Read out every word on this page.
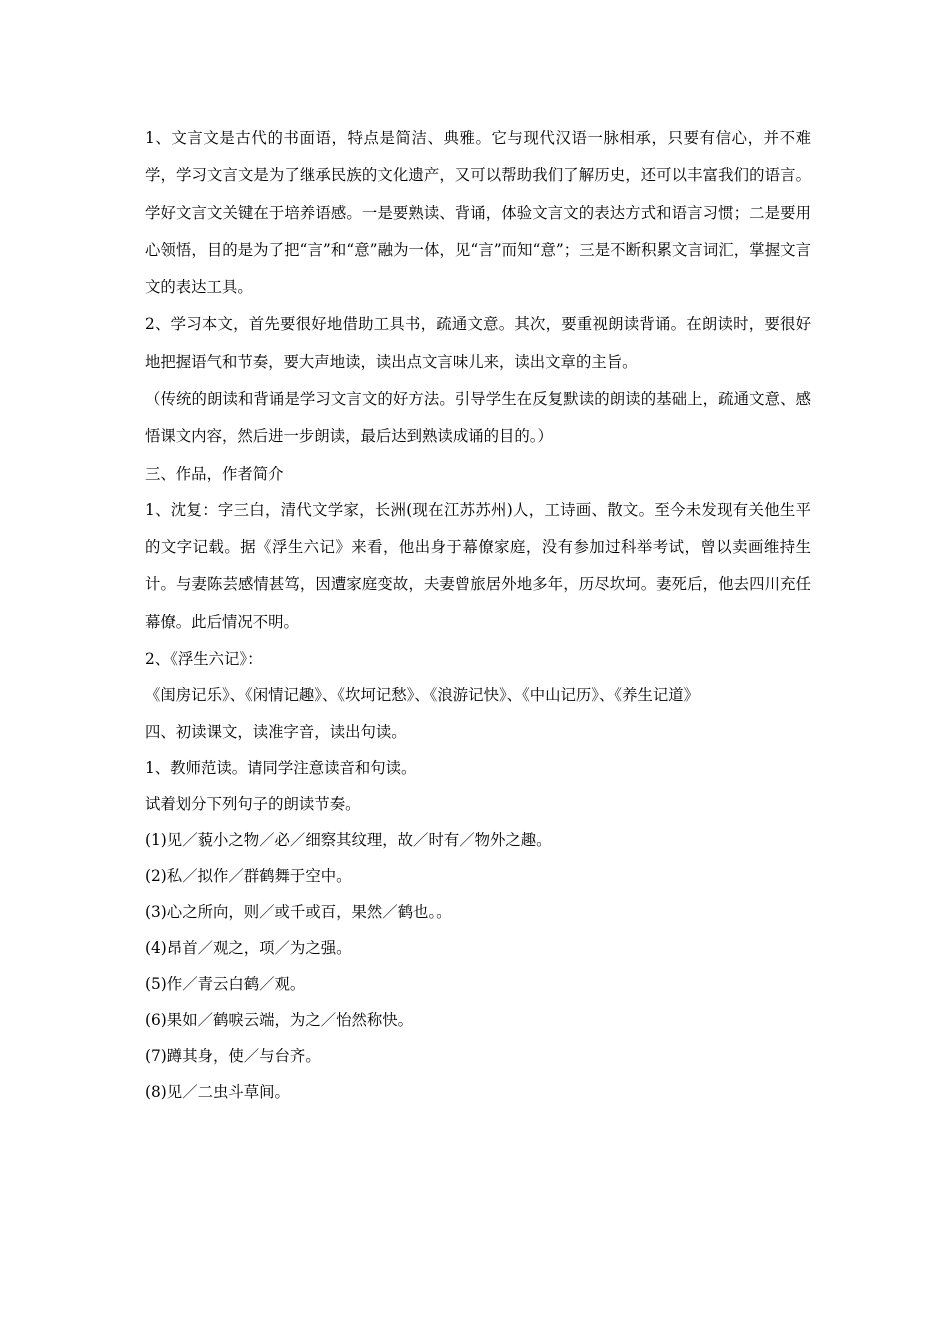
1、文言文是古代的书面语，特点是简洁、典雅。它与现代汉语一脉相承，只要有信心，并不难学，学习文言文是为了继承民族的文化遗产，又可以帮助我们了解历史，还可以丰富我们的语言。学好文言文关键在于培养语感。一是要熟读、背诵，体验文言文的表达方式和语言习惯；二是要用心领悟，目的是为了把“言”和“意”融为一体，见“言”而知“意”；三是不断积累文言词汇，掌握文言文的表达工具。

2、学习本文，首先要很好地借助工具书，疏通文意。其次，要重视朗读背诵。在朗读时，要很好地把握语气和节奏，要大声地读，读出点文言味儿来，读出文章的主旨。

（传统的朗读和背诵是学习文言文的好方法。引导学生在反复默读的朗读的基础上，疏通文意、感悟课文内容，然后进一步朗读，最后达到熟读成诵的目的。）

三、作品，作者简介

1、沈复：字三白，清代文学家，长洲(现在江苏苏州)人，工诗画、散文。至今未发现有关他生平的文字记载。据《浮生六记》来看，他出身于幕僚家庭，没有参加过科举考试，曾以卖画维持生计。与妻陈芸感情甚笃，因遭家庭变故，夫妻曾旅居外地多年，历尽坎坷。妻死后，他去四川充任幕僚。此后情况不明。

2、《浮生六记》：

《闺房记乐》、《闲情记趣》、《坎坷记愁》、《浪游记快》、《中山记历》、《养生记道》

四、初读课文，读准字音，读出句读。

1、教师范读。请同学注意读音和句读。

试着划分下列句子的朗读节奏。

(1)见／藐小之物／必／细察其纹理，故／时有／物外之趣。

(2)私／拟作／群鹤舞于空中。

(3)心之所向，则／或千或百，果然／鹤也。。

(4)昂首／观之，项／为之强。

(5)作／青云白鹤／观。

(6)果如／鹤唳云端，为之／怡然称快。

(7)蹲其身，使／与台齐。

(8)见／二虫斗草间。
